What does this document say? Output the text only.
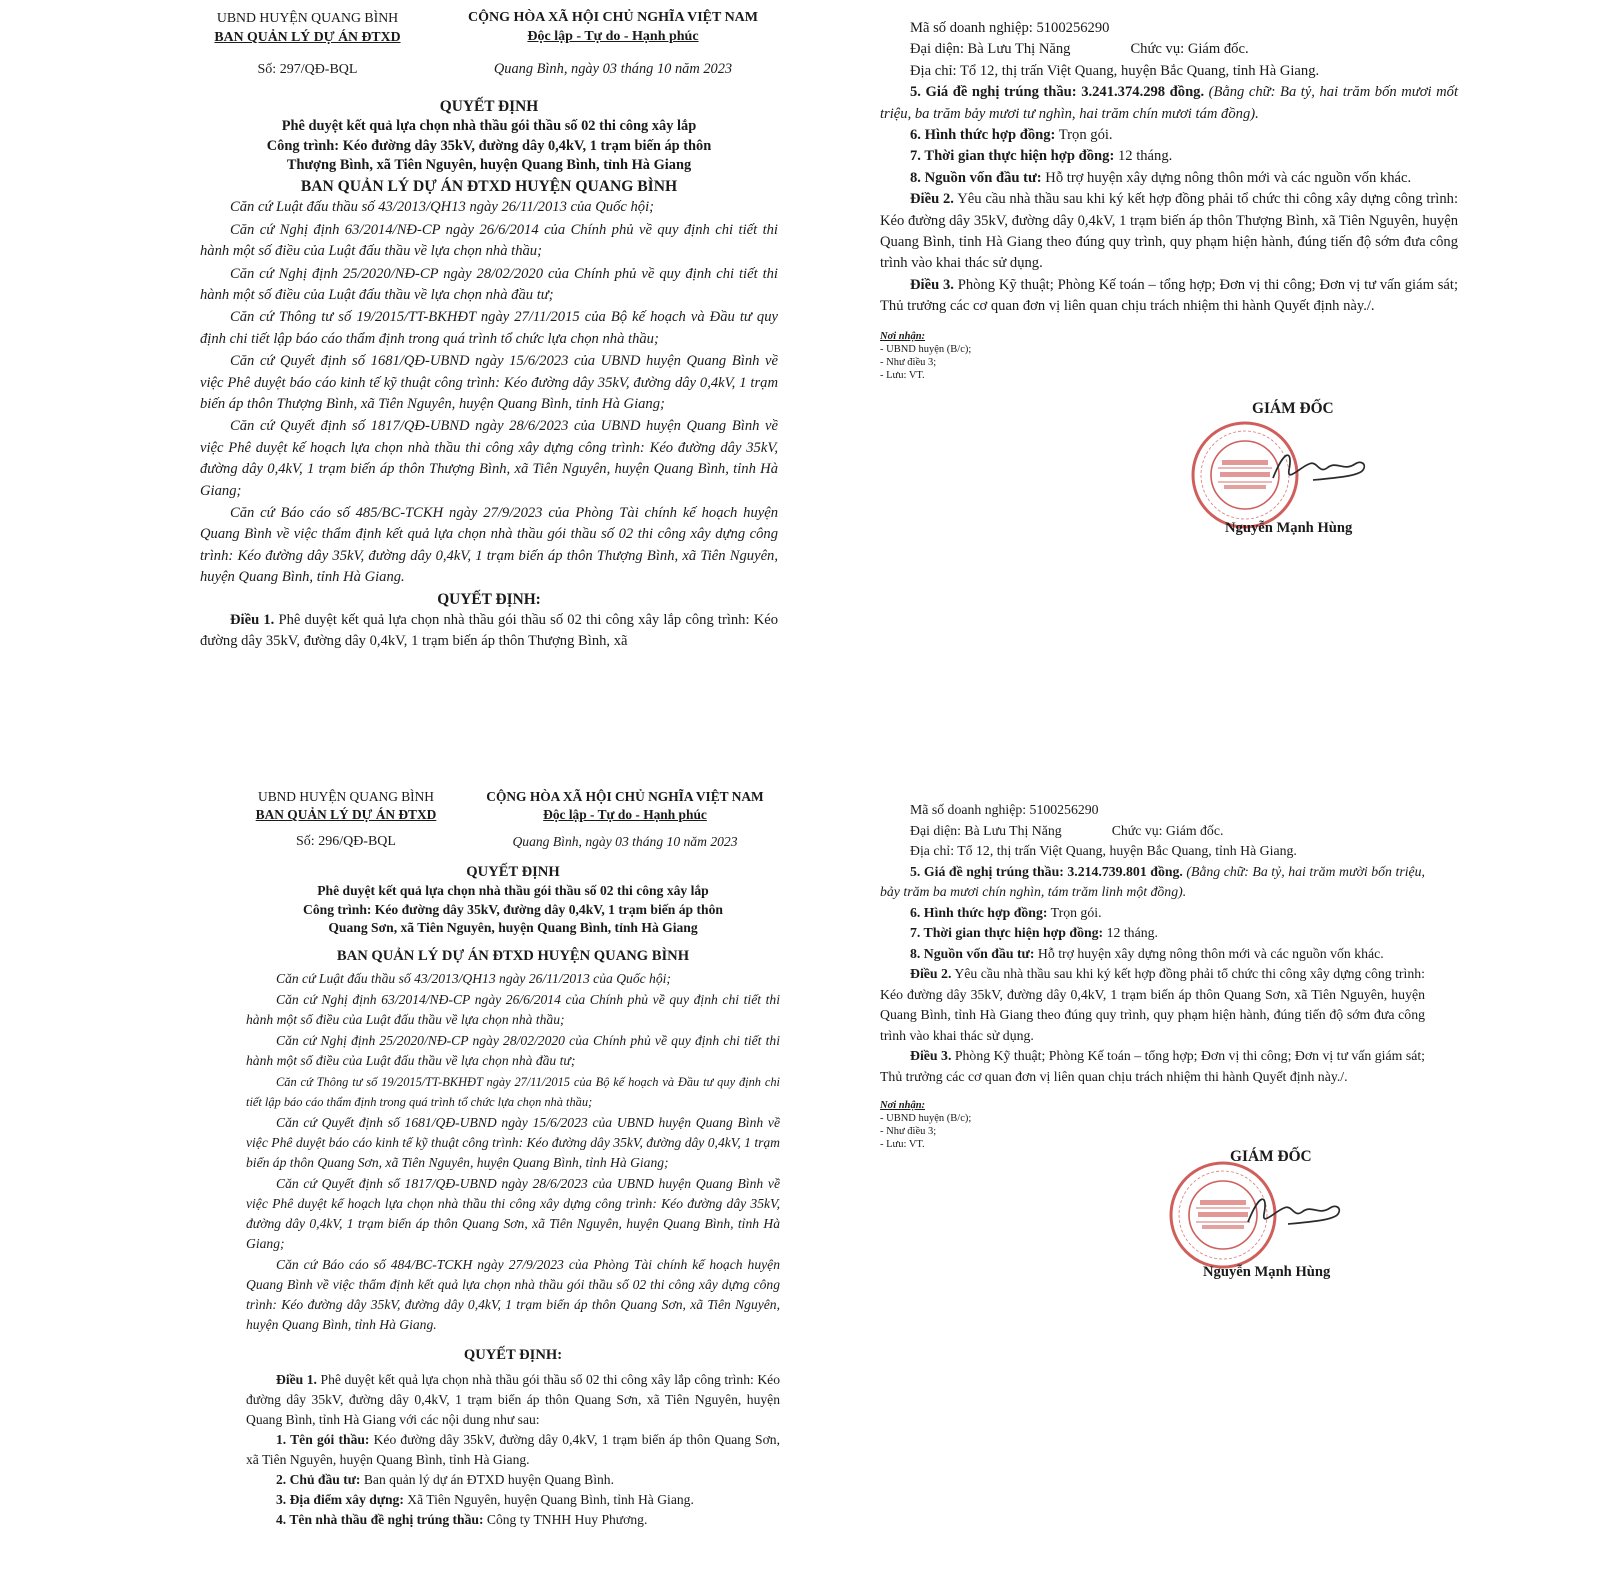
UBND HUYỆN QUANG BÌNH
BAN QUẢN LÝ DỰ ÁN ĐTXD
Số: 297/QĐ-BQL
CỘNG HÒA XÃ HỘI CHỦ NGHĨA VIỆT NAM
Độc lập - Tự do - Hạnh phúc
Quang Bình, ngày 03 tháng 10 năm 2023

QUYẾT ĐỊNH

Phê duyệt kết quả lựa chọn nhà thầu gói thầu số 02 thi công xây lắp

Công trình: Kéo đường dây 35kV, đường dây 0,4kV, 1 trạm biến áp thôn

Thượng Bình, xã Tiên Nguyên, huyện Quang Bình, tỉnh Hà Giang

BAN QUẢN LÝ DỰ ÁN ĐTXD HUYỆN QUANG BÌNH

Căn cứ Luật đấu thầu số 43/2013/QH13 ngày 26/11/2013 của Quốc hội;

Căn cứ Nghị định 63/2014/NĐ-CP ngày 26/6/2014 của Chính phủ về quy định chi tiết thi hành một số điều của Luật đấu thầu về lựa chọn nhà thầu;

Căn cứ Nghị định 25/2020/NĐ-CP ngày 28/02/2020 của Chính phủ về quy định chi tiết thi hành một số điều của Luật đấu thầu về lựa chọn nhà đầu tư;

Căn cứ Thông tư số 19/2015/TT-BKHĐT ngày 27/11/2015 của Bộ kế hoạch và Đầu tư quy định chi tiết lập báo cáo thẩm định trong quá trình tổ chức lựa chọn nhà thầu;

Căn cứ Quyết định số 1681/QĐ-UBND ngày 15/6/2023 của UBND huyện Quang Bình về việc Phê duyệt báo cáo kinh tế kỹ thuật công trình: Kéo đường dây 35kV, đường dây 0,4kV, 1 trạm biến áp thôn Thượng Bình, xã Tiên Nguyên, huyện Quang Bình, tỉnh Hà Giang;

Căn cứ Quyết định số 1817/QĐ-UBND ngày 28/6/2023 của UBND huyện Quang Bình về việc Phê duyệt kế hoạch lựa chọn nhà thầu thi công xây dựng công trình: Kéo đường dây 35kV, đường dây 0,4kV, 1 trạm biến áp thôn Thượng Bình, xã Tiên Nguyên, huyện Quang Bình, tỉnh Hà Giang;

Căn cứ Báo cáo số 485/BC-TCKH ngày 27/9/2023 của Phòng Tài chính kế hoạch huyện Quang Bình về việc thẩm định kết quả lựa chọn nhà thầu gói thầu số 02 thi công xây dựng công trình: Kéo đường dây 35kV, đường dây 0,4kV, 1 trạm biến áp thôn Thượng Bình, xã Tiên Nguyên, huyện Quang Bình, tỉnh Hà Giang.

QUYẾT ĐỊNH:

Điều 1. Phê duyệt kết quả lựa chọn nhà thầu gói thầu số 02 thi công xây lắp công trình: Kéo đường dây 35kV, đường dây 0,4kV, 1 trạm biến áp thôn Thượng Bình, xã

Mã số doanh nghiệp: 5100256290

Đại diện: Bà Lưu Thị Năng	Chức vụ: Giám đốc.

Địa chỉ: Tổ 12, thị trấn Việt Quang, huyện Bắc Quang, tỉnh Hà Giang.

5. Giá đề nghị trúng thầu: 3.241.374.298 đồng. (Bằng chữ: Ba tỷ, hai trăm bốn mươi mốt triệu, ba trăm bảy mươi tư nghìn, hai trăm chín mươi tám đồng).

6. Hình thức hợp đồng: Trọn gói.

7. Thời gian thực hiện hợp đồng: 12 tháng.

8. Nguồn vốn đầu tư: Hỗ trợ huyện xây dựng nông thôn mới và các nguồn vốn khác.

Điều 2. Yêu cầu nhà thầu sau khi ký kết hợp đồng phải tổ chức thi công xây dựng công trình: Kéo đường dây 35kV, đường dây 0,4kV, 1 trạm biến áp thôn Thượng Bình, xã Tiên Nguyên, huyện Quang Bình, tỉnh Hà Giang theo đúng quy trình, quy phạm hiện hành, đúng tiến độ sớm đưa công trình vào khai thác sử dụng.

Điều 3. Phòng Kỹ thuật; Phòng Kế toán – tổng hợp; Đơn vị thi công; Đơn vị tư vấn giám sát; Thủ trưởng các cơ quan đơn vị liên quan chịu trách nhiệm thi hành Quyết định này./.

Nơi nhận:
- UBND huyện (B/c);
- Như điều 3;
- Lưu: VT.
GIÁM ĐỐC
Nguyễn Mạnh Hùng
UBND HUYỆN QUANG BÌNH
BAN QUẢN LÝ DỰ ÁN ĐTXD
Số: 296/QĐ-BQL
CỘNG HÒA XÃ HỘI CHỦ NGHĨA VIỆT NAM
Độc lập - Tự do - Hạnh phúc
Quang Bình, ngày 03 tháng 10 năm 2023

QUYẾT ĐỊNH

Phê duyệt kết quả lựa chọn nhà thầu gói thầu số 02 thi công xây lắp

Công trình: Kéo đường dây 35kV, đường dây 0,4kV, 1 trạm biến áp thôn

Quang Sơn, xã Tiên Nguyên, huyện Quang Bình, tỉnh Hà Giang

BAN QUẢN LÝ DỰ ÁN ĐTXD HUYỆN QUANG BÌNH

Căn cứ Luật đấu thầu số 43/2013/QH13 ngày 26/11/2013 của Quốc hội;

Căn cứ Nghị định 63/2014/NĐ-CP ngày 26/6/2014 của Chính phủ về quy định chi tiết thi hành một số điều của Luật đấu thầu về lựa chọn nhà thầu;

Căn cứ Nghị định 25/2020/NĐ-CP ngày 28/02/2020 của Chính phủ về quy định chi tiết thi hành một số điều của Luật đấu thầu về lựa chọn nhà đầu tư;

Căn cứ Thông tư số 19/2015/TT-BKHĐT ngày 27/11/2015 của Bộ kế hoạch và Đầu tư quy định chi tiết lập báo cáo thẩm định trong quá trình tổ chức lựa chọn nhà thầu;

Căn cứ Quyết định số 1681/QĐ-UBND ngày 15/6/2023 của UBND huyện Quang Bình về việc Phê duyệt báo cáo kinh tế kỹ thuật công trình: Kéo đường dây 35kV, đường dây 0,4kV, 1 trạm biến áp thôn Quang Sơn, xã Tiên Nguyên, huyện Quang Bình, tỉnh Hà Giang;

Căn cứ Quyết định số 1817/QĐ-UBND ngày 28/6/2023 của UBND huyện Quang Bình về việc Phê duyệt kế hoạch lựa chọn nhà thầu thi công xây dựng công trình: Kéo đường dây 35kV, đường dây 0,4kV, 1 trạm biến áp thôn Quang Sơn, xã Tiên Nguyên, huyện Quang Bình, tỉnh Hà Giang;

Căn cứ Báo cáo số 484/BC-TCKH ngày 27/9/2023 của Phòng Tài chính kế hoạch huyện Quang Bình về việc thẩm định kết quả lựa chọn nhà thầu gói thầu số 02 thi công xây dựng công trình: Kéo đường dây 35kV, đường dây 0,4kV, 1 trạm biến áp thôn Quang Sơn, xã Tiên Nguyên, huyện Quang Bình, tỉnh Hà Giang.

QUYẾT ĐỊNH:

Điều 1. Phê duyệt kết quả lựa chọn nhà thầu gói thầu số 02 thi công xây lắp công trình: Kéo đường dây 35kV, đường dây 0,4kV, 1 trạm biến áp thôn Quang Sơn, xã Tiên Nguyên, huyện Quang Bình, tỉnh Hà Giang với các nội dung như sau:

1. Tên gói thầu: Kéo đường dây 35kV, đường dây 0,4kV, 1 trạm biến áp thôn Quang Sơn, xã Tiên Nguyên, huyện Quang Bình, tỉnh Hà Giang.

2. Chủ đầu tư: Ban quản lý dự án ĐTXD huyện Quang Bình.

3. Địa điểm xây dựng: Xã Tiên Nguyên, huyện Quang Bình, tỉnh Hà Giang.

4. Tên nhà thầu đề nghị trúng thầu: Công ty TNHH Huy Phương.

Mã số doanh nghiệp: 5100256290

Đại diện: Bà Lưu Thị Năng	Chức vụ: Giám đốc.

Địa chỉ: Tổ 12, thị trấn Việt Quang, huyện Bắc Quang, tỉnh Hà Giang.

5. Giá đề nghị trúng thầu: 3.214.739.801 đồng. (Bằng chữ: Ba tỷ, hai trăm mười bốn triệu, bảy trăm ba mươi chín nghìn, tám trăm linh một đồng).

6. Hình thức hợp đồng: Trọn gói.

7. Thời gian thực hiện hợp đồng: 12 tháng.

8. Nguồn vốn đầu tư: Hỗ trợ huyện xây dựng nông thôn mới và các nguồn vốn khác.

Điều 2. Yêu cầu nhà thầu sau khi ký kết hợp đồng phải tổ chức thi công xây dựng công trình: Kéo đường dây 35kV, đường dây 0,4kV, 1 trạm biến áp thôn Quang Sơn, xã Tiên Nguyên, huyện Quang Bình, tỉnh Hà Giang theo đúng quy trình, quy phạm hiện hành, đúng tiến độ sớm đưa công trình vào khai thác sử dụng.

Điều 3. Phòng Kỹ thuật; Phòng Kế toán – tổng hợp; Đơn vị thi công; Đơn vị tư vấn giám sát; Thủ trưởng các cơ quan đơn vị liên quan chịu trách nhiệm thi hành Quyết định này./.

Nơi nhận:
- UBND huyện (B/c);
- Như điều 3;
- Lưu: VT.
GIÁM ĐỐC
Nguyễn Mạnh Hùng
